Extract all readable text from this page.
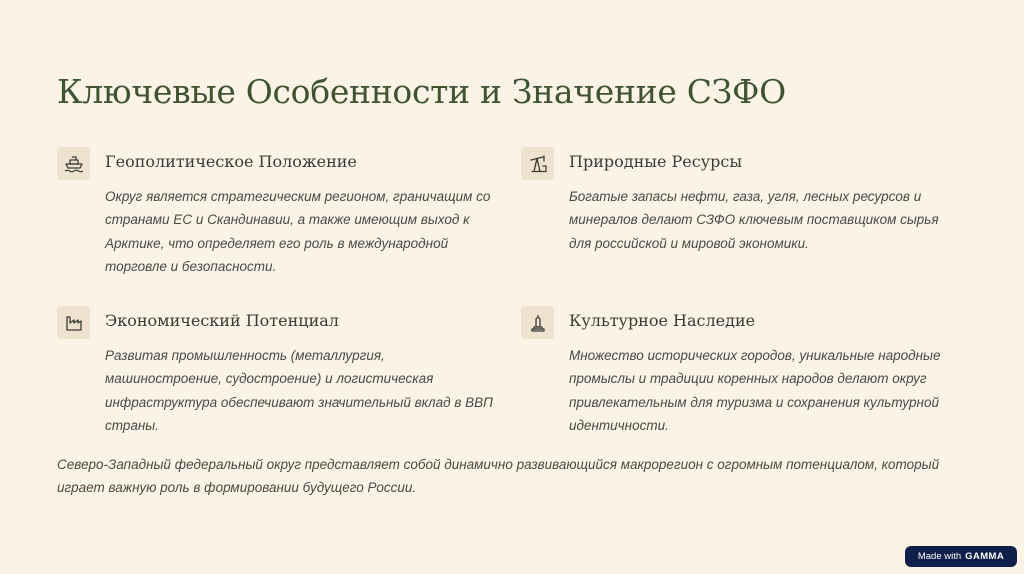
Ключевые Особенности и Значение СЗФО
Геополитическое Положение

Округ является стратегическим регионом, граничащим со странами ЕС и Скандинавии, а также имеющим выход к Арктике, что определяет его роль в международной торговле и безопасности.

Природные Ресурсы

Богатые запасы нефти, газа, угля, лесных ресурсов и минералов делают СЗФО ключевым поставщиком сырья для российской и мировой экономики.

Экономический Потенциал

Развитая промышленность (металлургия, машиностроение, судостроение) и логистическая инфраструктура обеспечивают значительный вклад в ВВП страны.

Культурное Наследие

Множество исторических городов, уникальные народные промыслы и традиции коренных народов делают округ привлекательным для туризма и сохранения культурной идентичности.

Северо-Западный федеральный округ представляет собой динамично развивающийся макрорегион с огромным потенциалом, который играет важную роль в формировании будущего России.

Made with GAMMA
